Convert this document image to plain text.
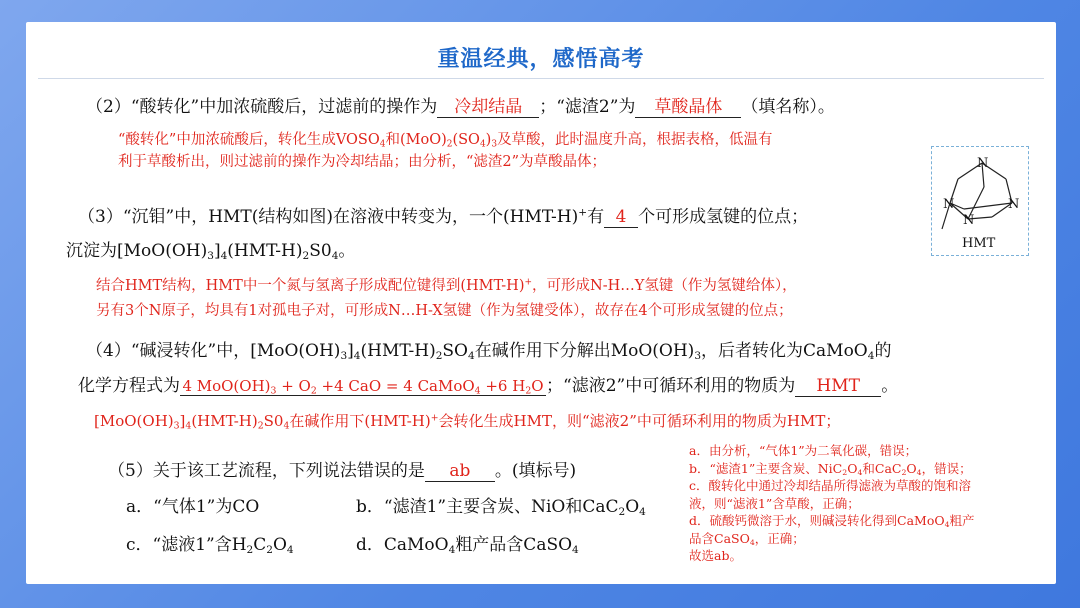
重温经典，感悟高考
（2）“酸转化”中加浓硫酸后，过滤前的操作为 冷却结晶 ；“滤渣2”为 草酸晶体 （填名称）。
“酸转化”中加浓硫酸后，转化生成$VOSO_4$和$(MoO)_2(SO_4)_3$及草酸，此时温度升高，根据表格，低温有
利于草酸析出，则过滤前的操作为冷却结晶；由分析，“滤渣2”为草酸晶体；	N
N
N
N
HMT
（3）“沉钼”中，HMT(结构如图)在溶液中转变为，一个(HMT-H)+有 4 个可形成氢键的位点；
沉淀为$[MoO(OH)_3]_4(HMT-H)_2S0_4$。
结合HMT结构，HMT中一个氮与氢离子形成配位键得到(HMT-H)+，可形成N-H…Y氢键（作为氢键给体），
另有3个N原子，均具有1对孤电子对，可形成N…H-X氢键（作为氢键受体），故存在4个可形成氢键的位点；
（4）“碱浸转化”中，$[MoO(OH)_3]_4(HMT-H)_2SO_4$在碱作用下分解出$MoO(OH)_3$，后者转化为CaMoO$_4$的
化学方程式为 4 $MoO(OH)_3 + O_2 +4$ CaO = 4 CaMoO$_4$ +6 $H_2O$ ；“滤液2”中可循环利用的物质为 HMT 。
$[MoO(OH)_3]_4(HMT-H)_2S0_4$在碱作用下(HMT-H)+会转化生成HMT，则“滤液2”中可循环利用的物质为HMT；
（5）关于该工艺流程，下列说法错误的是 ab 。(填标号)
a．“气体1”为CO	b．“滤渣1”主要含炭、NiO和$CaC_2O_4$
c．“滤液1”含$H_2C_2O_4$	d．CaMoO$_4$粗产品含CaSO$_4$
a．由分析，“气体1”为二氧化碳，错误；
b．“滤渣1”主要含炭、$NiC_2O_4$和$CaC_2O_4$，错误；
c．酸转化中通过冷却结晶所得滤液为草酸的饱和溶
液，则“滤液1”含草酸，正确；
d．硫酸钙微溶于水，则碱浸转化得到CaMoO$_4$粗产
品含CaSO$_4$，正确；
故选ab。
